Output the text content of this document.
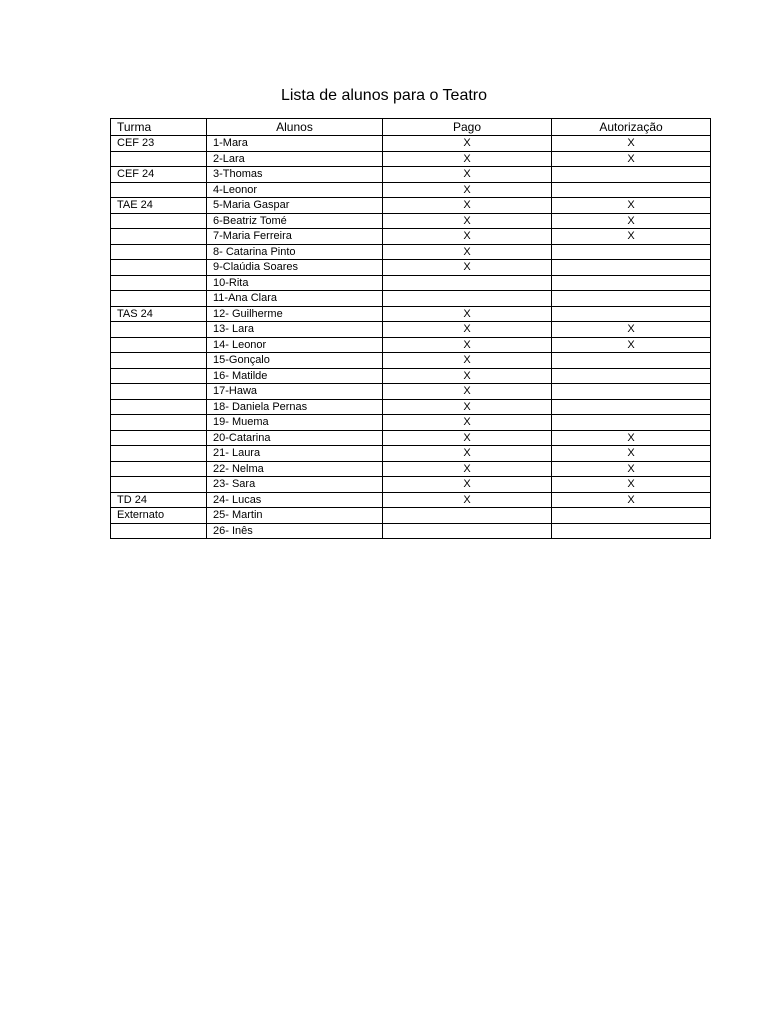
Lista de alunos para o Teatro
Turma	Alunos	Pago	Autorização
CEF 23	1-Mara	X	X
	2-Lara	X	X
CEF 24	3-Thomas	X	
	4-Leonor	X	
TAE 24	5-Maria Gaspar	X	X
	6-Beatriz Tomé	X	X
	7-Maria Ferreira	X	X
	8- Catarina Pinto	X	
	9-Claúdia Soares	X	
	10-Rita		
	11-Ana Clara		
TAS 24	12- Guilherme	X	
	13- Lara	X	X
	14- Leonor	X	X
	15-Gonçalo	X	
	16- Matilde	X	
	17-Hawa	X	
	18- Daniela Pernas	X	
	19- Muema	X	
	20-Catarina	X	X
	21- Laura	X	X
	22- Nelma	X	X
	23- Sara	X	X
TD 24	24- Lucas	X	X
Externato	25- Martin		
	26- Inês		
